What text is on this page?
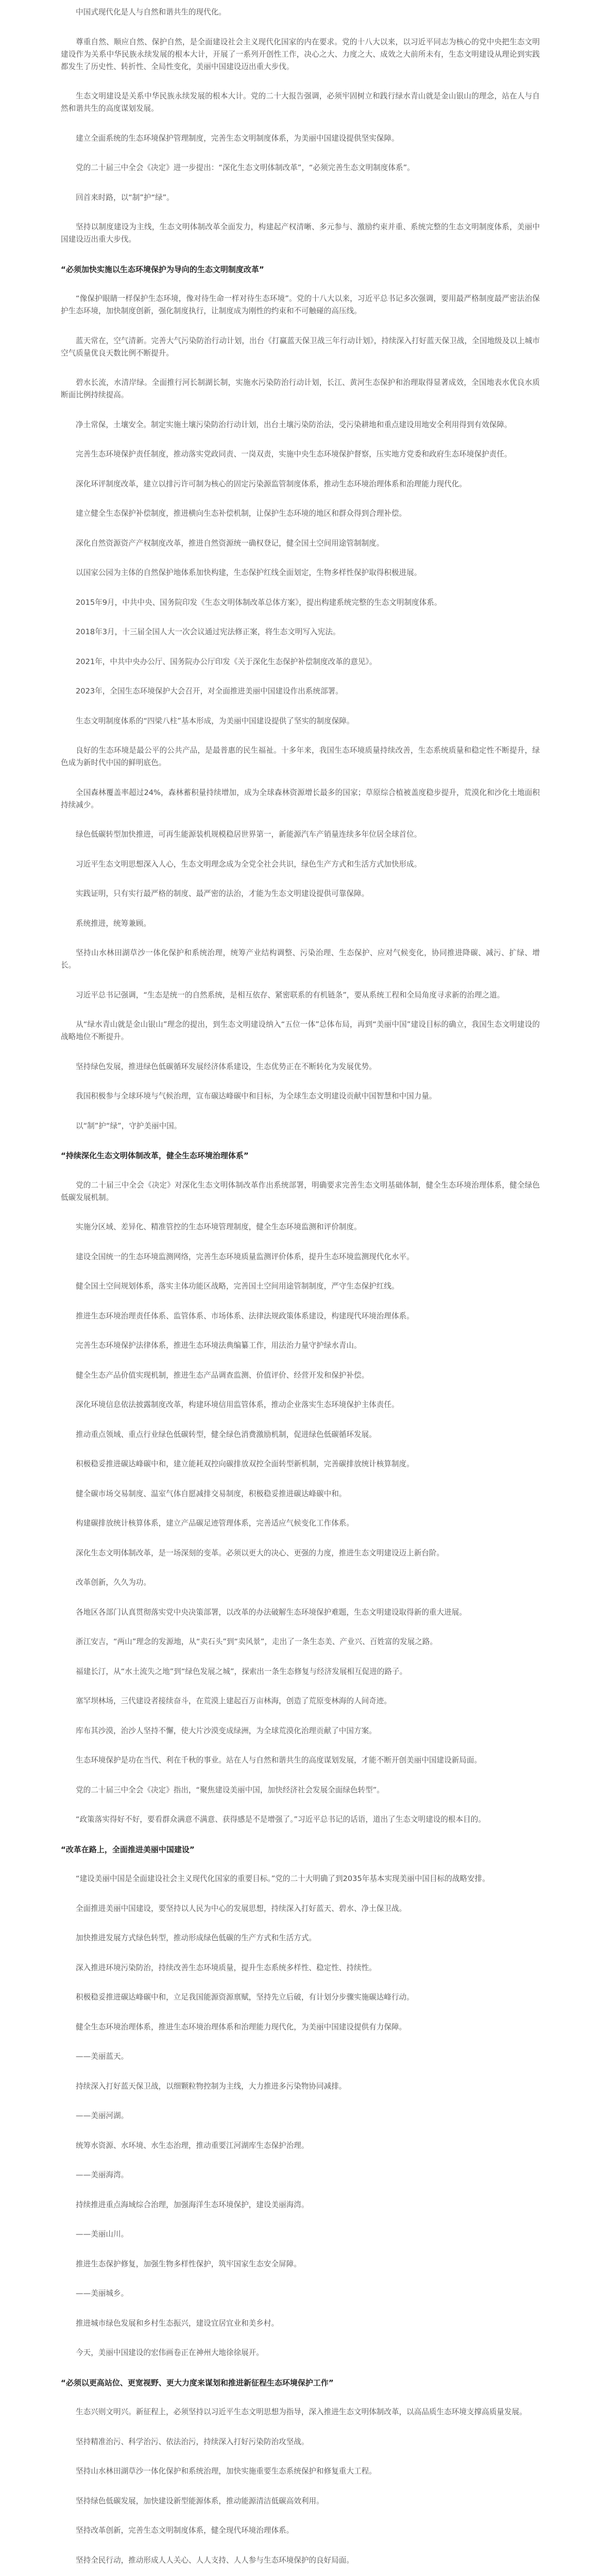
中国式现代化是人与自然和谐共生的现代化。

尊重自然、顺应自然、保护自然，是全面建设社会主义现代化国家的内在要求。党的十八大以来，以习近平同志为核心的党中央把生态文明建设作为关系中华民族永续发展的根本大计，开展了一系列开创性工作，决心之大、力度之大、成效之大前所未有，生态文明建设从理论到实践都发生了历史性、转折性、全局性变化，美丽中国建设迈出重大步伐。

生态文明建设是关系中华民族永续发展的根本大计。党的二十大报告强调，必须牢固树立和践行绿水青山就是金山银山的理念，站在人与自然和谐共生的高度谋划发展。

建立全面系统的生态环境保护管理制度，完善生态文明制度体系，为美丽中国建设提供坚实保障。

党的二十届三中全会《决定》进一步提出：“深化生态文明体制改革”，“必须完善生态文明制度体系”。

回首来时路，以“制”护“绿”。

坚持以制度建设为主线，生态文明体制改革全面发力，构建起产权清晰、多元参与、激励约束并重、系统完整的生态文明制度体系，美丽中国建设迈出重大步伐。

“必须加快实施以生态环境保护为导向的生态文明制度改革”

“像保护眼睛一样保护生态环境，像对待生命一样对待生态环境”。党的十八大以来，习近平总书记多次强调，要用最严格制度最严密法治保护生态环境，加快制度创新，强化制度执行，让制度成为刚性的约束和不可触碰的高压线。

蓝天常在，空气清新。完善大气污染防治行动计划，出台《打赢蓝天保卫战三年行动计划》，持续深入打好蓝天保卫战，全国地级及以上城市空气质量优良天数比例不断提升。

碧水长流，水清岸绿。全面推行河长制湖长制，实施水污染防治行动计划，长江、黄河生态保护和治理取得显著成效，全国地表水优良水质断面比例持续提高。

净土常保，土壤安全。制定实施土壤污染防治行动计划，出台土壤污染防治法，受污染耕地和重点建设用地安全利用得到有效保障。

完善生态环境保护责任制度，推动落实党政同责、一岗双责，实施中央生态环境保护督察，压实地方党委和政府生态环境保护责任。

深化环评制度改革，建立以排污许可制为核心的固定污染源监管制度体系，推动生态环境治理体系和治理能力现代化。

建立健全生态保护补偿制度，推进横向生态补偿机制，让保护生态环境的地区和群众得到合理补偿。

深化自然资源资产产权制度改革，推进自然资源统一确权登记，健全国土空间用途管制制度。

以国家公园为主体的自然保护地体系加快构建，生态保护红线全面划定，生物多样性保护取得积极进展。

2015年9月，中共中央、国务院印发《生态文明体制改革总体方案》，提出构建系统完整的生态文明制度体系。

2018年3月，十三届全国人大一次会议通过宪法修正案，将生态文明写入宪法。

2021年，中共中央办公厅、国务院办公厅印发《关于深化生态保护补偿制度改革的意见》。

2023年，全国生态环境保护大会召开，对全面推进美丽中国建设作出系统部署。

生态文明制度体系的“四梁八柱”基本形成，为美丽中国建设提供了坚实的制度保障。

良好的生态环境是最公平的公共产品，是最普惠的民生福祉。十多年来，我国生态环境质量持续改善，生态系统质量和稳定性不断提升，绿色成为新时代中国的鲜明底色。

全国森林覆盖率超过24%，森林蓄积量持续增加，成为全球森林资源增长最多的国家；草原综合植被盖度稳步提升，荒漠化和沙化土地面积持续减少。

绿色低碳转型加快推进，可再生能源装机规模稳居世界第一，新能源汽车产销量连续多年位居全球首位。

习近平生态文明思想深入人心，生态文明理念成为全党全社会共识，绿色生产方式和生活方式加快形成。

实践证明，只有实行最严格的制度、最严密的法治，才能为生态文明建设提供可靠保障。

系统推进，统筹兼顾。

坚持山水林田湖草沙一体化保护和系统治理，统筹产业结构调整、污染治理、生态保护、应对气候变化，协同推进降碳、减污、扩绿、增长。

习近平总书记强调，“生态是统一的自然系统，是相互依存、紧密联系的有机链条”，要从系统工程和全局角度寻求新的治理之道。

从“绿水青山就是金山银山”理念的提出，到生态文明建设纳入“五位一体”总体布局，再到“美丽中国”建设目标的确立，我国生态文明建设的战略地位不断提升。

坚持绿色发展，推进绿色低碳循环发展经济体系建设，生态优势正在不断转化为发展优势。

我国积极参与全球环境与气候治理，宣布碳达峰碳中和目标，为全球生态文明建设贡献中国智慧和中国力量。

以“制”护“绿”，守护美丽中国。

“持续深化生态文明体制改革，健全生态环境治理体系”

党的二十届三中全会《决定》对深化生态文明体制改革作出系统部署，明确要求完善生态文明基础体制，健全生态环境治理体系，健全绿色低碳发展机制。

实施分区域、差异化、精准管控的生态环境管理制度，健全生态环境监测和评价制度。

建设全国统一的生态环境监测网络，完善生态环境质量监测评价体系，提升生态环境监测现代化水平。

健全国土空间规划体系，落实主体功能区战略，完善国土空间用途管制制度，严守生态保护红线。

推进生态环境治理责任体系、监管体系、市场体系、法律法规政策体系建设，构建现代环境治理体系。

完善生态环境保护法律体系，推进生态环境法典编纂工作，用法治力量守护绿水青山。

健全生态产品价值实现机制，推进生态产品调查监测、价值评价、经营开发和保护补偿。

深化环境信息依法披露制度改革，构建环境信用监管体系，推动企业落实生态环境保护主体责任。

推动重点领域、重点行业绿色低碳转型，健全绿色消费激励机制，促进绿色低碳循环发展。

积极稳妥推进碳达峰碳中和，建立能耗双控向碳排放双控全面转型新机制，完善碳排放统计核算制度。

健全碳市场交易制度、温室气体自愿减排交易制度，积极稳妥推进碳达峰碳中和。

构建碳排放统计核算体系，建立产品碳足迹管理体系，完善适应气候变化工作体系。

深化生态文明体制改革，是一场深刻的变革。必须以更大的决心、更强的力度，推进生态文明建设迈上新台阶。

改革创新，久久为功。

各地区各部门认真贯彻落实党中央决策部署，以改革的办法破解生态环境保护难题，生态文明建设取得新的重大进展。

浙江安吉，“两山”理念的发源地，从“卖石头”到“卖风景”，走出了一条生态美、产业兴、百姓富的发展之路。

福建长汀，从“水土流失之地”到“绿色发展之城”，探索出一条生态修复与经济发展相互促进的路子。

塞罕坝林场，三代建设者接续奋斗，在荒漠上建起百万亩林海，创造了荒原变林海的人间奇迹。

库布其沙漠，治沙人坚持不懈，使大片沙漠变成绿洲，为全球荒漠化治理贡献了中国方案。

生态环境保护是功在当代、利在千秋的事业。站在人与自然和谐共生的高度谋划发展，才能不断开创美丽中国建设新局面。

党的二十届三中全会《决定》指出，“聚焦建设美丽中国，加快经济社会发展全面绿色转型”。

“政策落实得好不好，要看群众满意不满意、获得感是不是增强了。”习近平总书记的话语，道出了生态文明建设的根本目的。

“改革在路上，全面推进美丽中国建设”

“建设美丽中国是全面建设社会主义现代化国家的重要目标。”党的二十大明确了到2035年基本实现美丽中国目标的战略安排。

全面推进美丽中国建设，要坚持以人民为中心的发展思想，持续深入打好蓝天、碧水、净土保卫战。

加快推进发展方式绿色转型，推动形成绿色低碳的生产方式和生活方式。

深入推进环境污染防治，持续改善生态环境质量，提升生态系统多样性、稳定性、持续性。

积极稳妥推进碳达峰碳中和，立足我国能源资源禀赋，坚持先立后破，有计划分步骤实施碳达峰行动。

健全生态环境治理体系，推进生态环境治理体系和治理能力现代化，为美丽中国建设提供有力保障。

——美丽蓝天。

持续深入打好蓝天保卫战，以细颗粒物控制为主线，大力推进多污染物协同减排。

——美丽河湖。

统筹水资源、水环境、水生态治理，推动重要江河湖库生态保护治理。

——美丽海湾。

持续推进重点海域综合治理，加强海洋生态环境保护，建设美丽海湾。

——美丽山川。

推进生态保护修复，加强生物多样性保护，筑牢国家生态安全屏障。

——美丽城乡。

推进城市绿色发展和乡村生态振兴，建设宜居宜业和美乡村。

今天，美丽中国建设的宏伟画卷正在神州大地徐徐展开。

“必须以更高站位、更宽视野、更大力度来谋划和推进新征程生态环境保护工作”

生态兴则文明兴。新征程上，必须坚持以习近平生态文明思想为指导，深入推进生态文明体制改革，以高品质生态环境支撑高质量发展。

坚持精准治污、科学治污、依法治污，持续深入打好污染防治攻坚战。

坚持山水林田湖草沙一体化保护和系统治理，加快实施重要生态系统保护和修复重大工程。

坚持绿色低碳发展，加快建设新型能源体系，推动能源清洁低碳高效利用。

坚持改革创新，完善生态文明制度体系，健全现代环境治理体系。

坚持全民行动，推动形成人人关心、人人支持、人人参与生态环境保护的良好局面。
